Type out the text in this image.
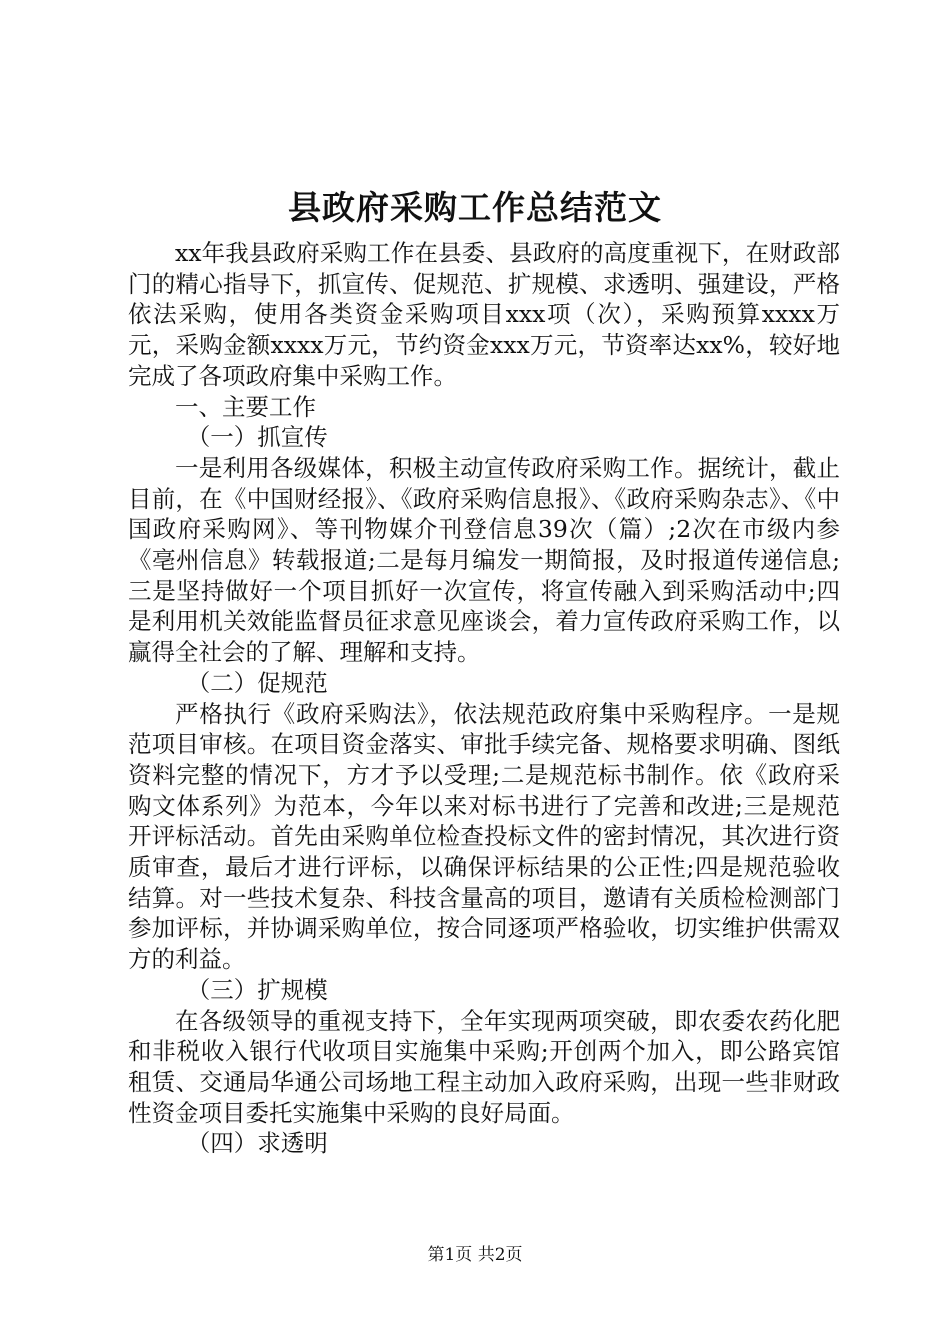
县政府采购工作总结范文

xx年我县政府采购工作在县委、县政府的高度重视下，在财政部门的精心指导下，抓宣传、促规范、扩规模、求透明、强建设，严格依法采购，使用各类资金采购项目xxx项（次），采购预算xxxx万元，采购金额xxxx万元，节约资金xxx万元，节资率达xx%，较好地完成了各项政府集中采购工作。

一、主要工作

（一）抓宣传

一是利用各级媒体，积极主动宣传政府采购工作。据统计，截止目前，在《中国财经报》、《政府采购信息报》、《政府采购杂志》、《中国政府采购网》、等刊物媒介刊登信息39次（篇）;2次在市级内参《亳州信息》转载报道;二是每月编发一期简报，及时报道传递信息;三是坚持做好一个项目抓好一次宣传，将宣传融入到采购活动中;四是利用机关效能监督员征求意见座谈会，着力宣传政府采购工作，以赢得全社会的了解、理解和支持。

（二）促规范

严格执行《政府采购法》，依法规范政府集中采购程序。一是规范项目审核。在项目资金落实、审批手续完备、规格要求明确、图纸资料完整的情况下，方才予以受理;二是规范标书制作。依《政府采购文体系列》为范本，今年以来对标书进行了完善和改进;三是规范开评标活动。首先由采购单位检查投标文件的密封情况，其次进行资质审查，最后才进行评标，以确保评标结果的公正性;四是规范验收结算。对一些技术复杂、科技含量高的项目，邀请有关质检检测部门参加评标，并协调采购单位，按合同逐项严格验收，切实维护供需双方的利益。

（三）扩规模

在各级领导的重视支持下，全年实现两项突破，即农委农药化肥和非税收入银行代收项目实施集中采购;开创两个加入，即公路宾馆租赁、交通局华通公司场地工程主动加入政府采购，出现一些非财政性资金项目委托实施集中采购的良好局面。

（四）求透明

第1页 共2页
